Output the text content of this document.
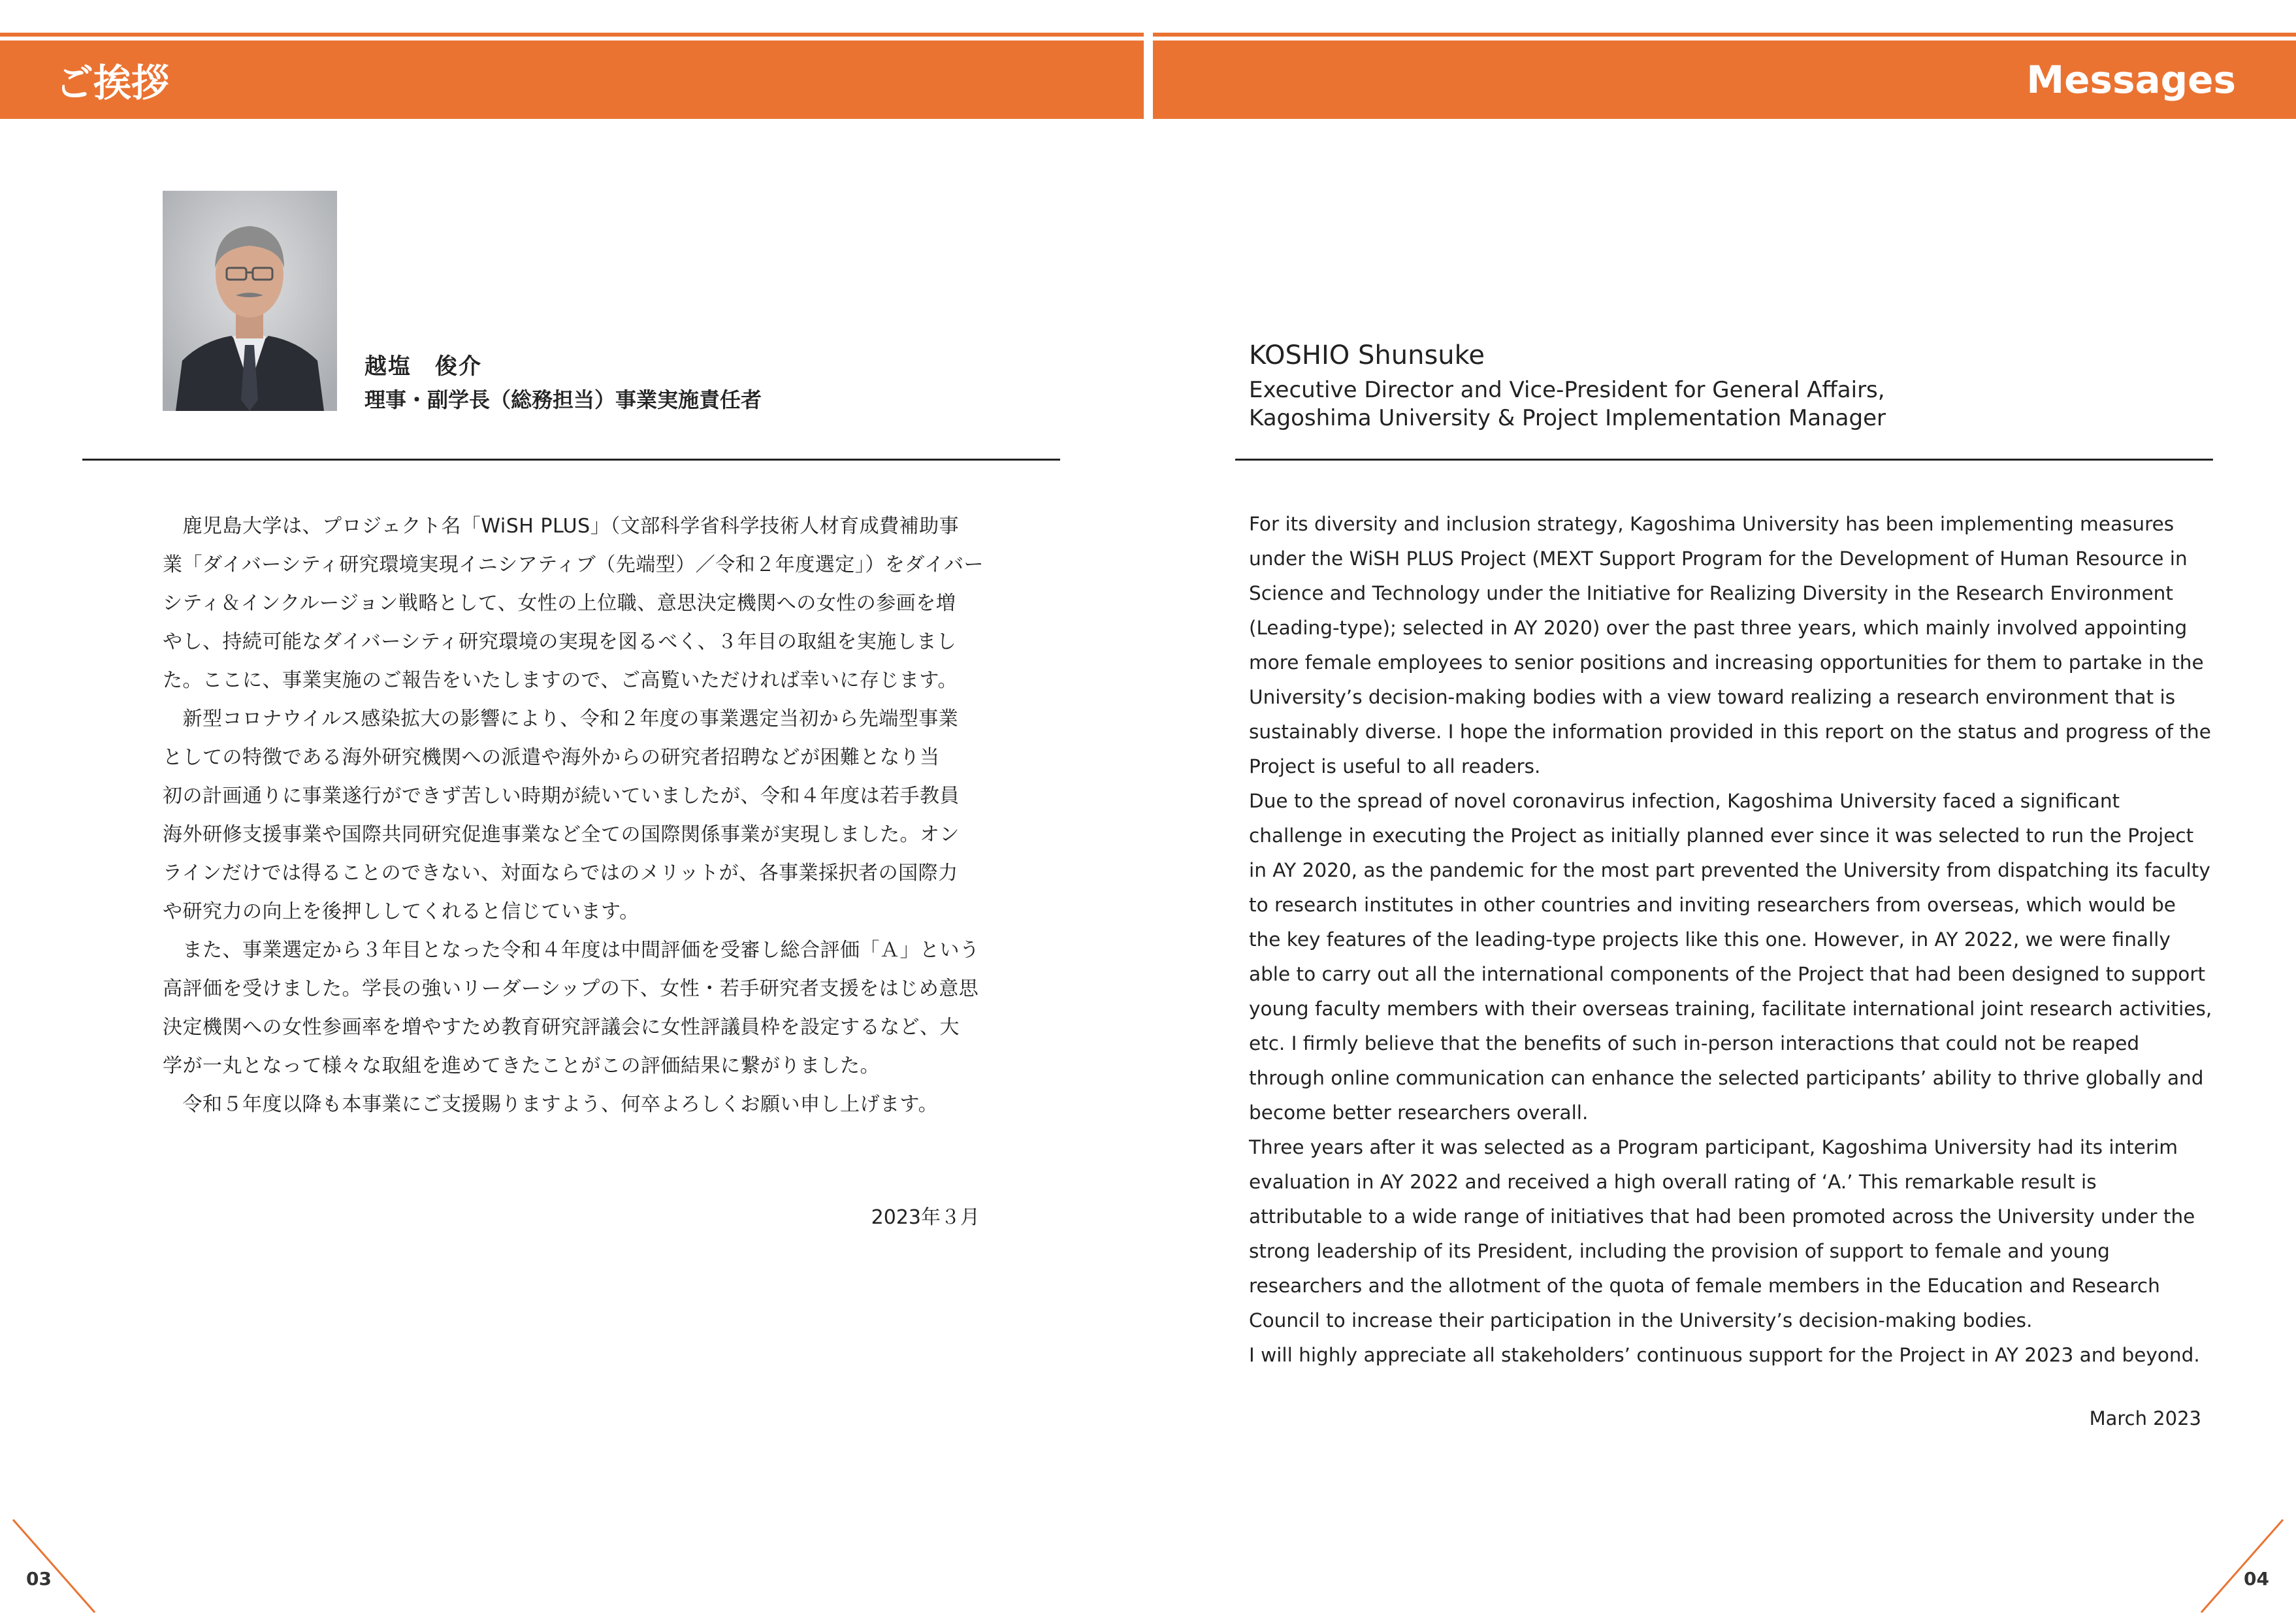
ご挨拶	Messages
越塩　俊介
理事・副学長（総務担当）事業実施責任者
KOSHIO Shunsuke
Executive Director and Vice-President for General Affairs,
Kagoshima University & Project Implementation Manager

　鹿児島大学は、プロジェクト名「WiSH PLUS」（文部科学省科学技術人材育成費補助事

業「ダイバーシティ研究環境実現イニシアティブ（先端型）／令和２年度選定」）をダイバー

シティ＆インクルージョン戦略として、女性の上位職、意思決定機関への女性の参画を増

やし、持続可能なダイバーシティ研究環境の実現を図るべく、３年目の取組を実施しまし

た。ここに、事業実施のご報告をいたしますので、ご高覧いただければ幸いに存じます。

　新型コロナウイルス感染拡大の影響により、令和２年度の事業選定当初から先端型事業

としての特徴である海外研究機関への派遣や海外からの研究者招聘などが困難となり当

初の計画通りに事業遂行ができず苦しい時期が続いていましたが、令和４年度は若手教員

海外研修支援事業や国際共同研究促進事業など全ての国際関係事業が実現しました。オン

ラインだけでは得ることのできない、対面ならではのメリットが、各事業採択者の国際力

や研究力の向上を後押ししてくれると信じています。

　また、事業選定から３年目となった令和４年度は中間評価を受審し総合評価「Ａ」という

高評価を受けました。学長の強いリーダーシップの下、女性・若手研究者支援をはじめ意思

決定機関への女性参画率を増やすため教育研究評議会に女性評議員枠を設定するなど、大

学が一丸となって様々な取組を進めてきたことがこの評価結果に繋がりました。

　令和５年度以降も本事業にご支援賜りますよう、何卒よろしくお願い申し上げます。

2023年３月

For its diversity and inclusion strategy, Kagoshima University has been implementing measures

under the WiSH PLUS Project (MEXT Support Program for the Development of Human Resource in

Science and Technology under the Initiative for Realizing Diversity in the Research Environment

(Leading-type); selected in AY 2020) over the past three years, which mainly involved appointing

more female employees to senior positions and increasing opportunities for them to partake in the

University’s decision-making bodies with a view toward realizing a research environment that is

sustainably diverse. I hope the information provided in this report on the status and progress of the

Project is useful to all readers.

Due to the spread of novel coronavirus infection, Kagoshima University faced a significant

challenge in executing the Project as initially planned ever since it was selected to run the Project

in AY 2020, as the pandemic for the most part prevented the University from dispatching its faculty

to research institutes in other countries and inviting researchers from overseas, which would be

the key features of the leading-type projects like this one. However, in AY 2022, we were finally

able to carry out all the international components of the Project that had been designed to support

young faculty members with their overseas training, facilitate international joint research activities,

etc. I firmly believe that the benefits of such in-person interactions that could not be reaped

through online communication can enhance the selected participants’ ability to thrive globally and

become better researchers overall.

Three years after it was selected as a Program participant, Kagoshima University had its interim

evaluation in AY 2022 and received a high overall rating of ‘A.’ This remarkable result is

attributable to a wide range of initiatives that had been promoted across the University under the

strong leadership of its President, including the provision of support to female and young

researchers and the allotment of the quota of female members in the Education and Research

Council to increase their participation in the University’s decision-making bodies.

I will highly appreciate all stakeholders’ continuous support for the Project in AY 2023 and beyond.

March 2023
03	04
